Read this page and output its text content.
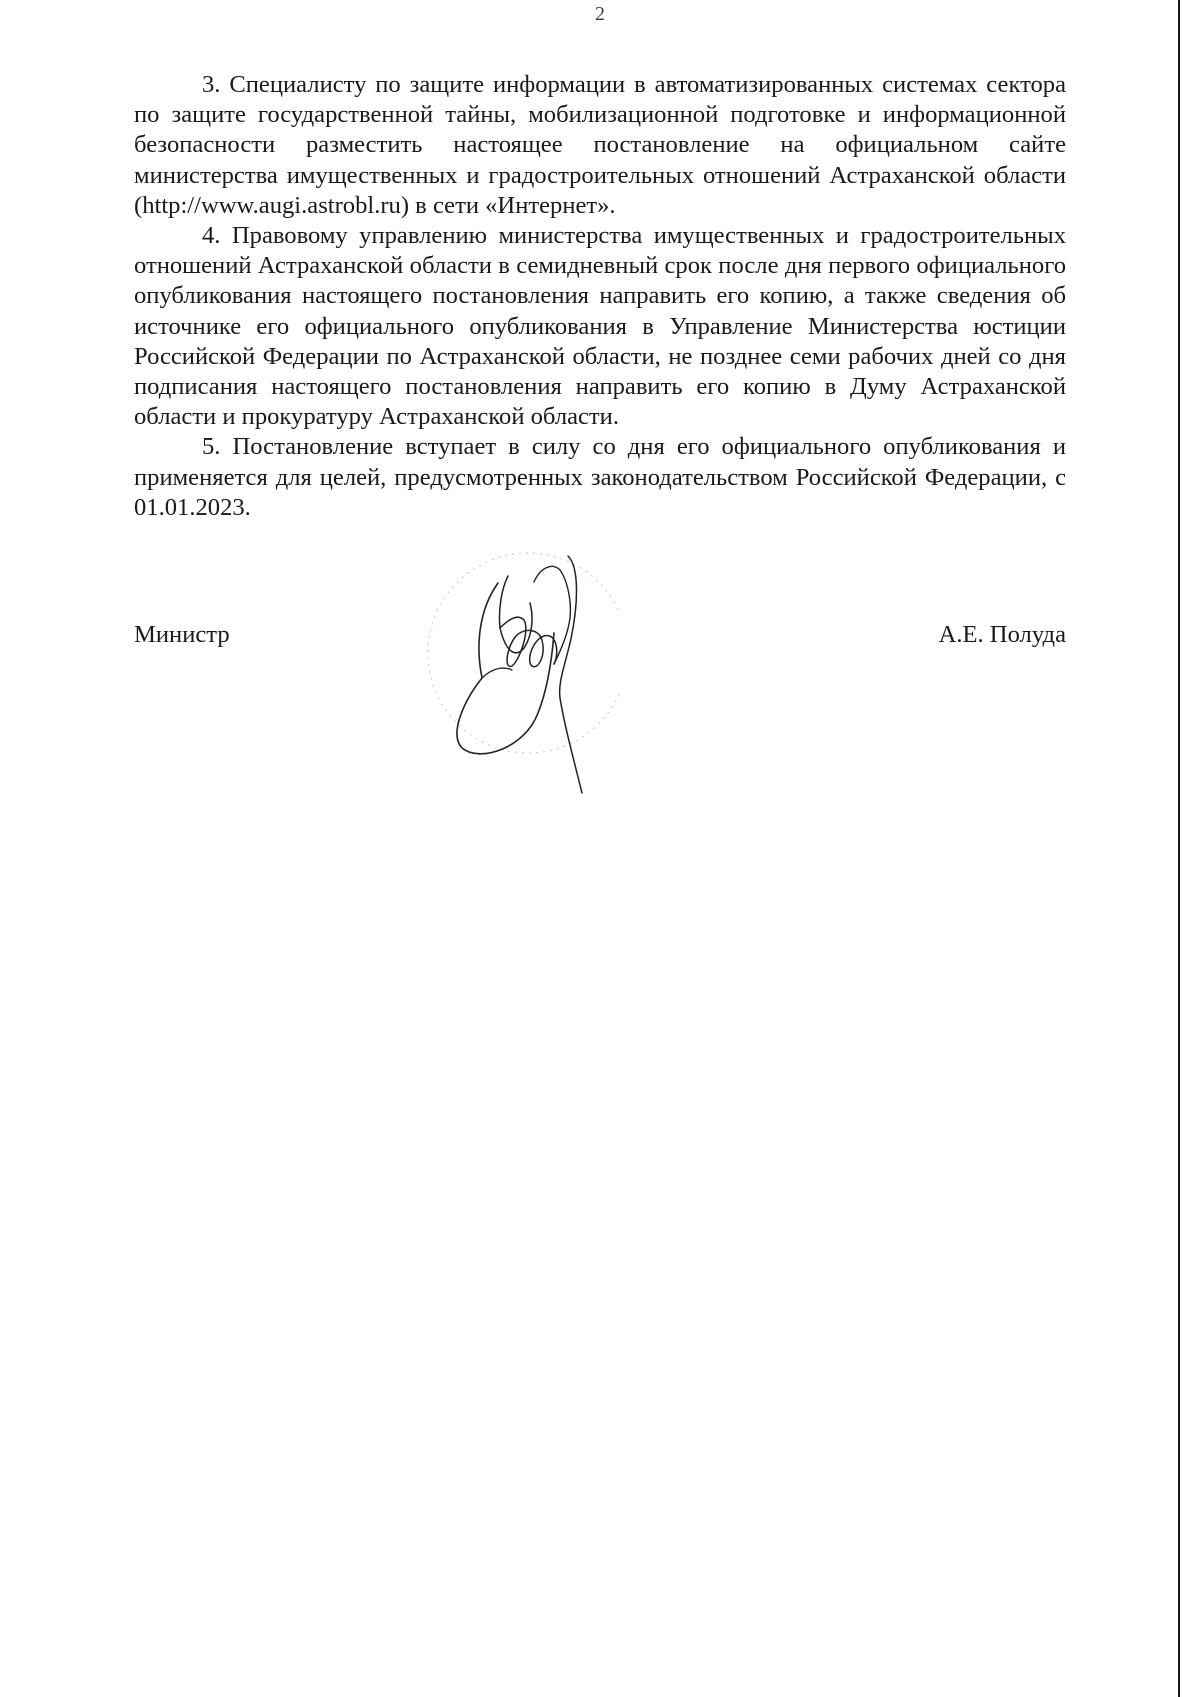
2

3. Специалисту по защите информации в автоматизированных системах сектора по защите государственной тайны, мобилизационной подготовке и информационной безопасности разместить настоящее постановление на официальном сайте министерства имущественных и градостроительных отношений Астраханской области (http://www.augi.astrobl.ru) в сети «Интернет».

4. Правовому управлению министерства имущественных и градостроительных отношений Астраханской области в семидневный срок после дня первого официального опубликования настоящего постановления направить его копию, а также сведения об источнике его официального опубликования в Управление Министерства юстиции Российской Федерации по Астраханской области, не позднее семи рабочих дней со дня подписания настоящего постановления направить его копию в Думу Астраханской области и прокуратуру Астраханской области.

5. Постановление вступает в силу со дня его официального опубликования и применяется для целей, предусмотренных законодательством Российской Федерации, с 01.01.2023.

Министр	А.Е. Полуда
